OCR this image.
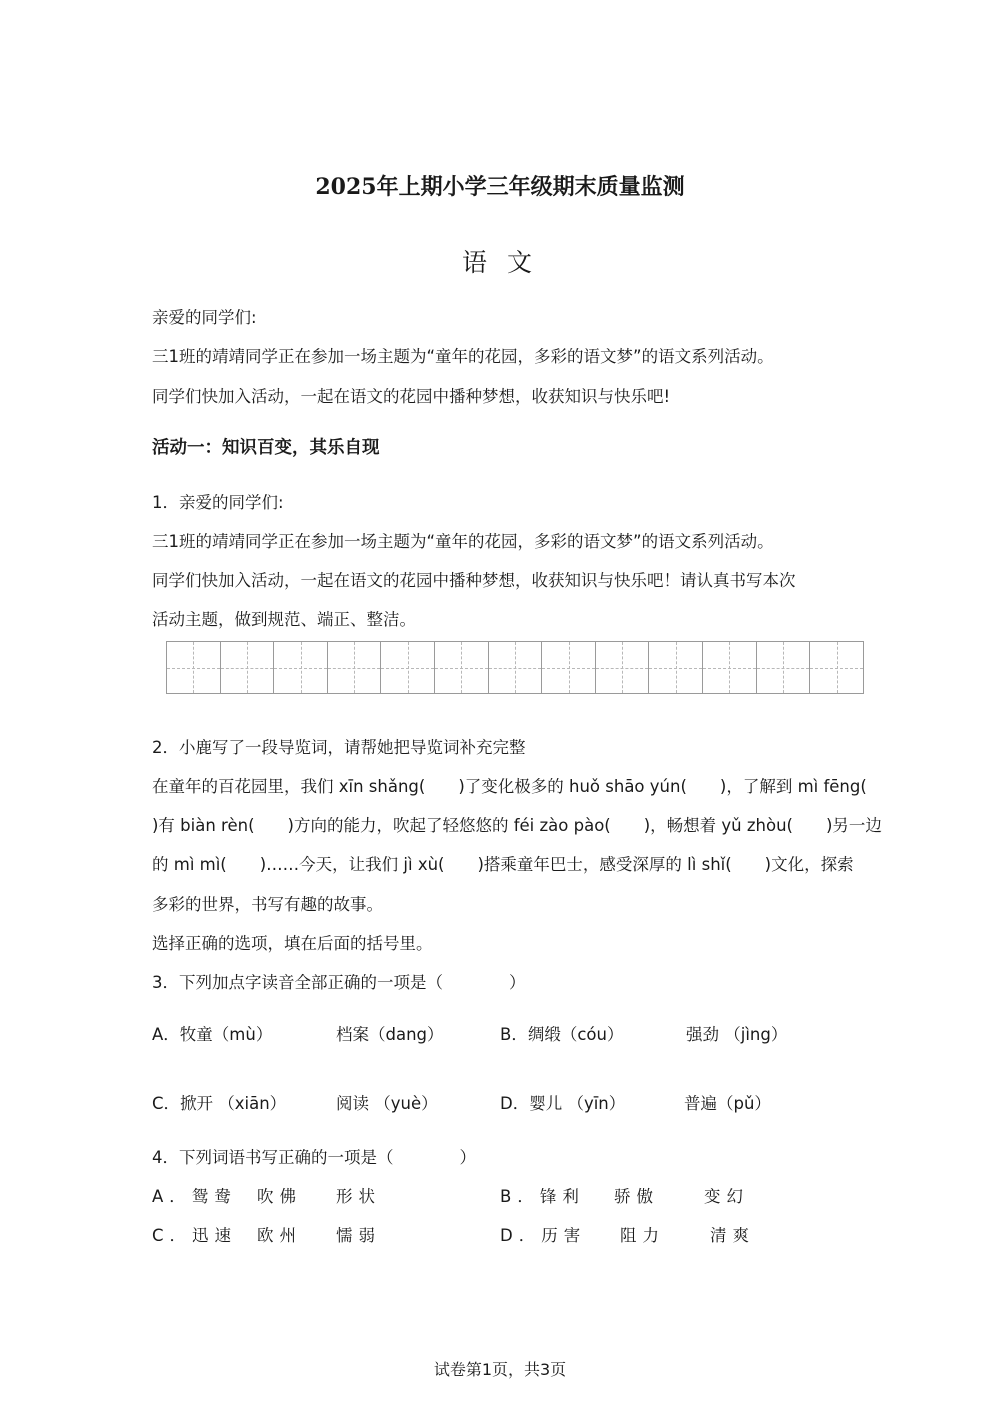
2025年上期小学三年级期末质量监测
语 文
亲爱的同学们:
三1班的靖靖同学正在参加一场主题为“童年的花园，多彩的语文梦”的语文系列活动。
同学们快加入活动，一起在语文的花园中播种梦想，收获知识与快乐吧!
活动一：知识百变，其乐自现
1．亲爱的同学们:
三1班的靖靖同学正在参加一场主题为“童年的花园，多彩的语文梦”的语文系列活动。
同学们快加入活动，一起在语文的花园中播种梦想，收获知识与快乐吧！请认真书写本次
活动主题，做到规范、端正、整洁。
2．小鹿写了一段导览词，请帮她把导览词补充完整
在童年的百花园里，我们 xīn shǎng(　　)了变化极多的 huǒ shāo yún(　　)，了解到 mì fēng(
)有 biàn rèn(　　)方向的能力，吹起了轻悠悠的 féi zào pào(　　)，畅想着 yǔ zhòu(　　)另一边
的 mì mì(　　)……今天，让我们 jì xù(　　)搭乘童年巴士，感受深厚的 lì shǐ(　　)文化，探索
多彩的世界，书写有趣的故事。
选择正确的选项，填在后面的括号里。
3．下列加点字读音全部正确的一项是（　　　　）
A．牧童（mù）	档案（dang）	B．绸缎（cóu）	强劲 （jìng）
C．掀开 （xiān）	阅读 （yuè）	D．婴儿 （yīn）	普遍（pǔ）
4．下列词语书写正确的一项是（　　　　）
A．鸳鸯 吹佛 形状	B．锋利 骄傲	变幻
C．迅速 欧州 懦弱	D．历害 阻力	清爽
试卷第1页，共3页
